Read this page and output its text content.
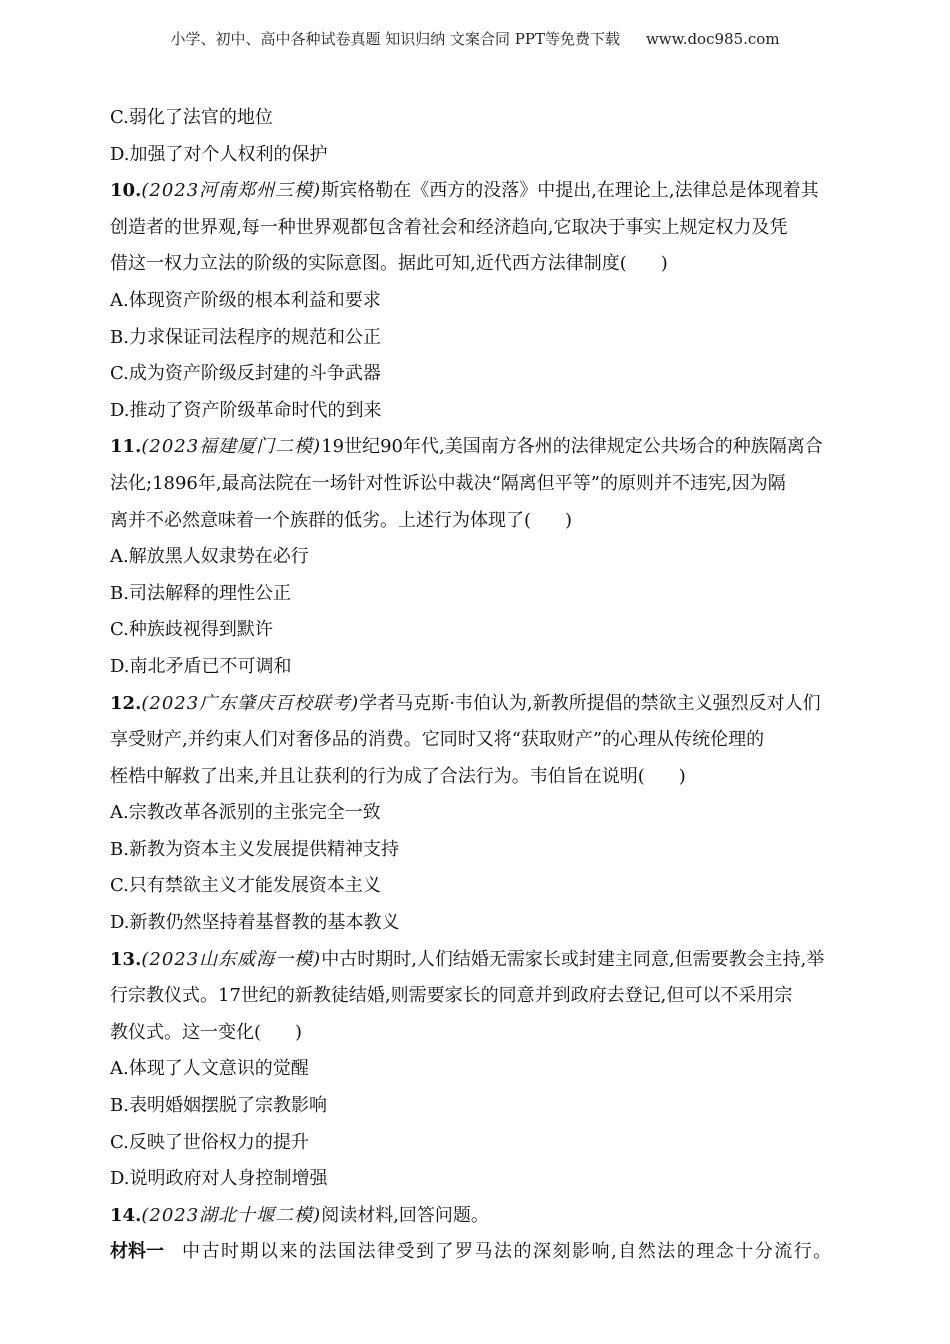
小学、初中、高中各种试卷真题 知识归纳 文案合同 PPT等免费下载 www.doc985.com
C.弱化了法官的地位
D.加强了对个人权利的保护
10.(2023河南郑州三模)斯宾格勒在《西方的没落》中提出,在理论上,法律总是体现着其
创造者的世界观,每一种世界观都包含着社会和经济趋向,它取决于事实上规定权力及凭
借这一权力立法的阶级的实际意图。据此可知,近代西方法律制度( )
A.体现资产阶级的根本利益和要求
B.力求保证司法程序的规范和公正
C.成为资产阶级反封建的斗争武器
D.推动了资产阶级革命时代的到来
11.(2023福建厦门二模)19世纪90年代,美国南方各州的法律规定公共场合的种族隔离合
法化;1896年,最高法院在一场针对性诉讼中裁决“隔离但平等”的原则并不违宪,因为隔
离并不必然意味着一个族群的低劣。上述行为体现了( )
A.解放黑人奴隶势在必行
B.司法解释的理性公正
C.种族歧视得到默许
D.南北矛盾已不可调和
12.(2023广东肇庆百校联考)学者马克斯·韦伯认为,新教所提倡的禁欲主义强烈反对人们
享受财产,并约束人们对奢侈品的消费。它同时又将“获取财产”的心理从传统伦理的
桎梏中解救了出来,并且让获利的行为成了合法行为。韦伯旨在说明( )
A.宗教改革各派别的主张完全一致
B.新教为资本主义发展提供精神支持
C.只有禁欲主义才能发展资本主义
D.新教仍然坚持着基督教的基本教义
13.(2023山东威海一模)中古时期时,人们结婚无需家长或封建主同意,但需要教会主持,举
行宗教仪式。17世纪的新教徒结婚,则需要家长的同意并到政府去登记,但可以不采用宗
教仪式。这一变化( )
A.体现了人文意识的觉醒
B.表明婚姻摆脱了宗教影响
C.反映了世俗权力的提升
D.说明政府对人身控制增强
14.(2023湖北十堰二模)阅读材料,回答问题。
材料一 中古时期以来的法国法律受到了罗马法的深刻影响,自然法的理念十分流行。
